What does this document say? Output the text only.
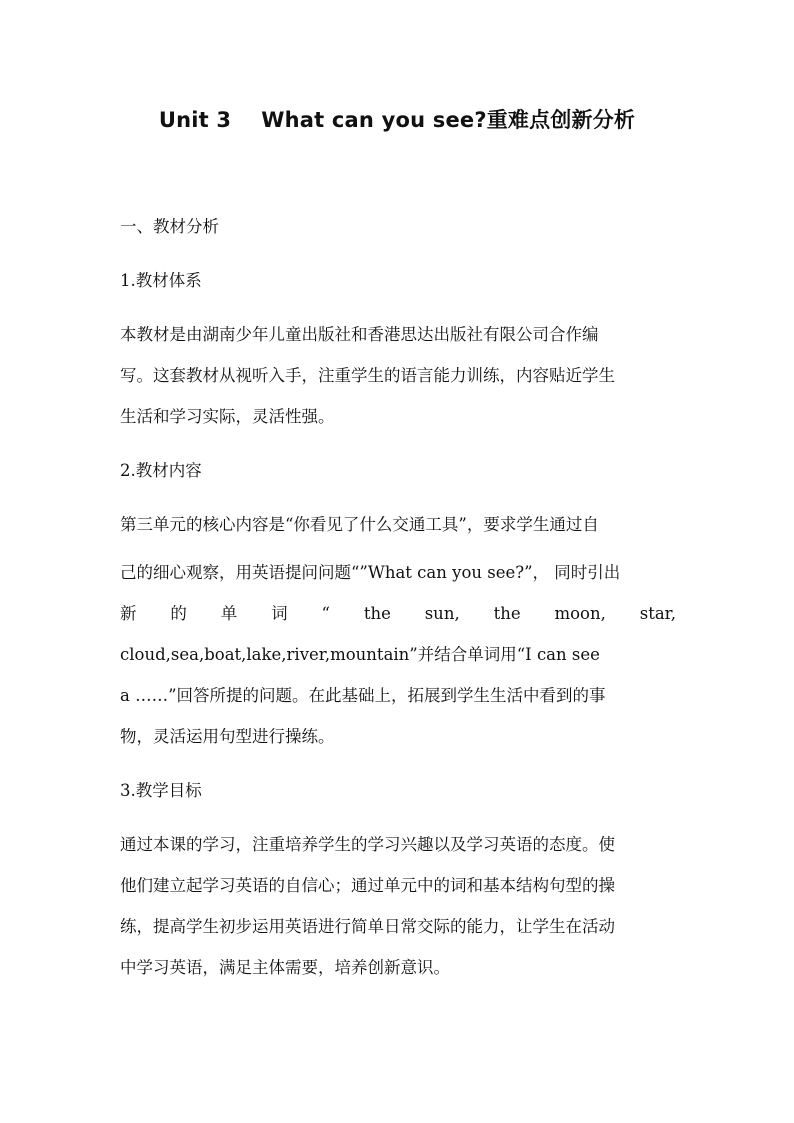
Unit 3    What can you see?重难点创新分析
一、教材分析
1.教材体系
本教材是由湖南少年儿童出版社和香港思达出版社有限公司合作编
写。这套教材从视听入手，注重学生的语言能力训练，内容贴近学生
生活和学习实际，灵活性强。
2.教材内容
第三单元的核心内容是“你看见了什么交通工具”，要求学生通过自
己的细心观察，用英语提问问题“”What can you see?”， 同时引出
新 的 单 词 “ the sun, the moon, star,
cloud,sea,boat,lake,river,mountain”并结合单词用“I can see
a ……”回答所提的问题。在此基础上，拓展到学生生活中看到的事
物，灵活运用句型进行操练。
3.教学目标
通过本课的学习，注重培养学生的学习兴趣以及学习英语的态度。使
他们建立起学习英语的自信心；通过单元中的词和基本结构句型的操
练，提高学生初步运用英语进行简单日常交际的能力，让学生在活动
中学习英语，满足主体需要，培养创新意识。
